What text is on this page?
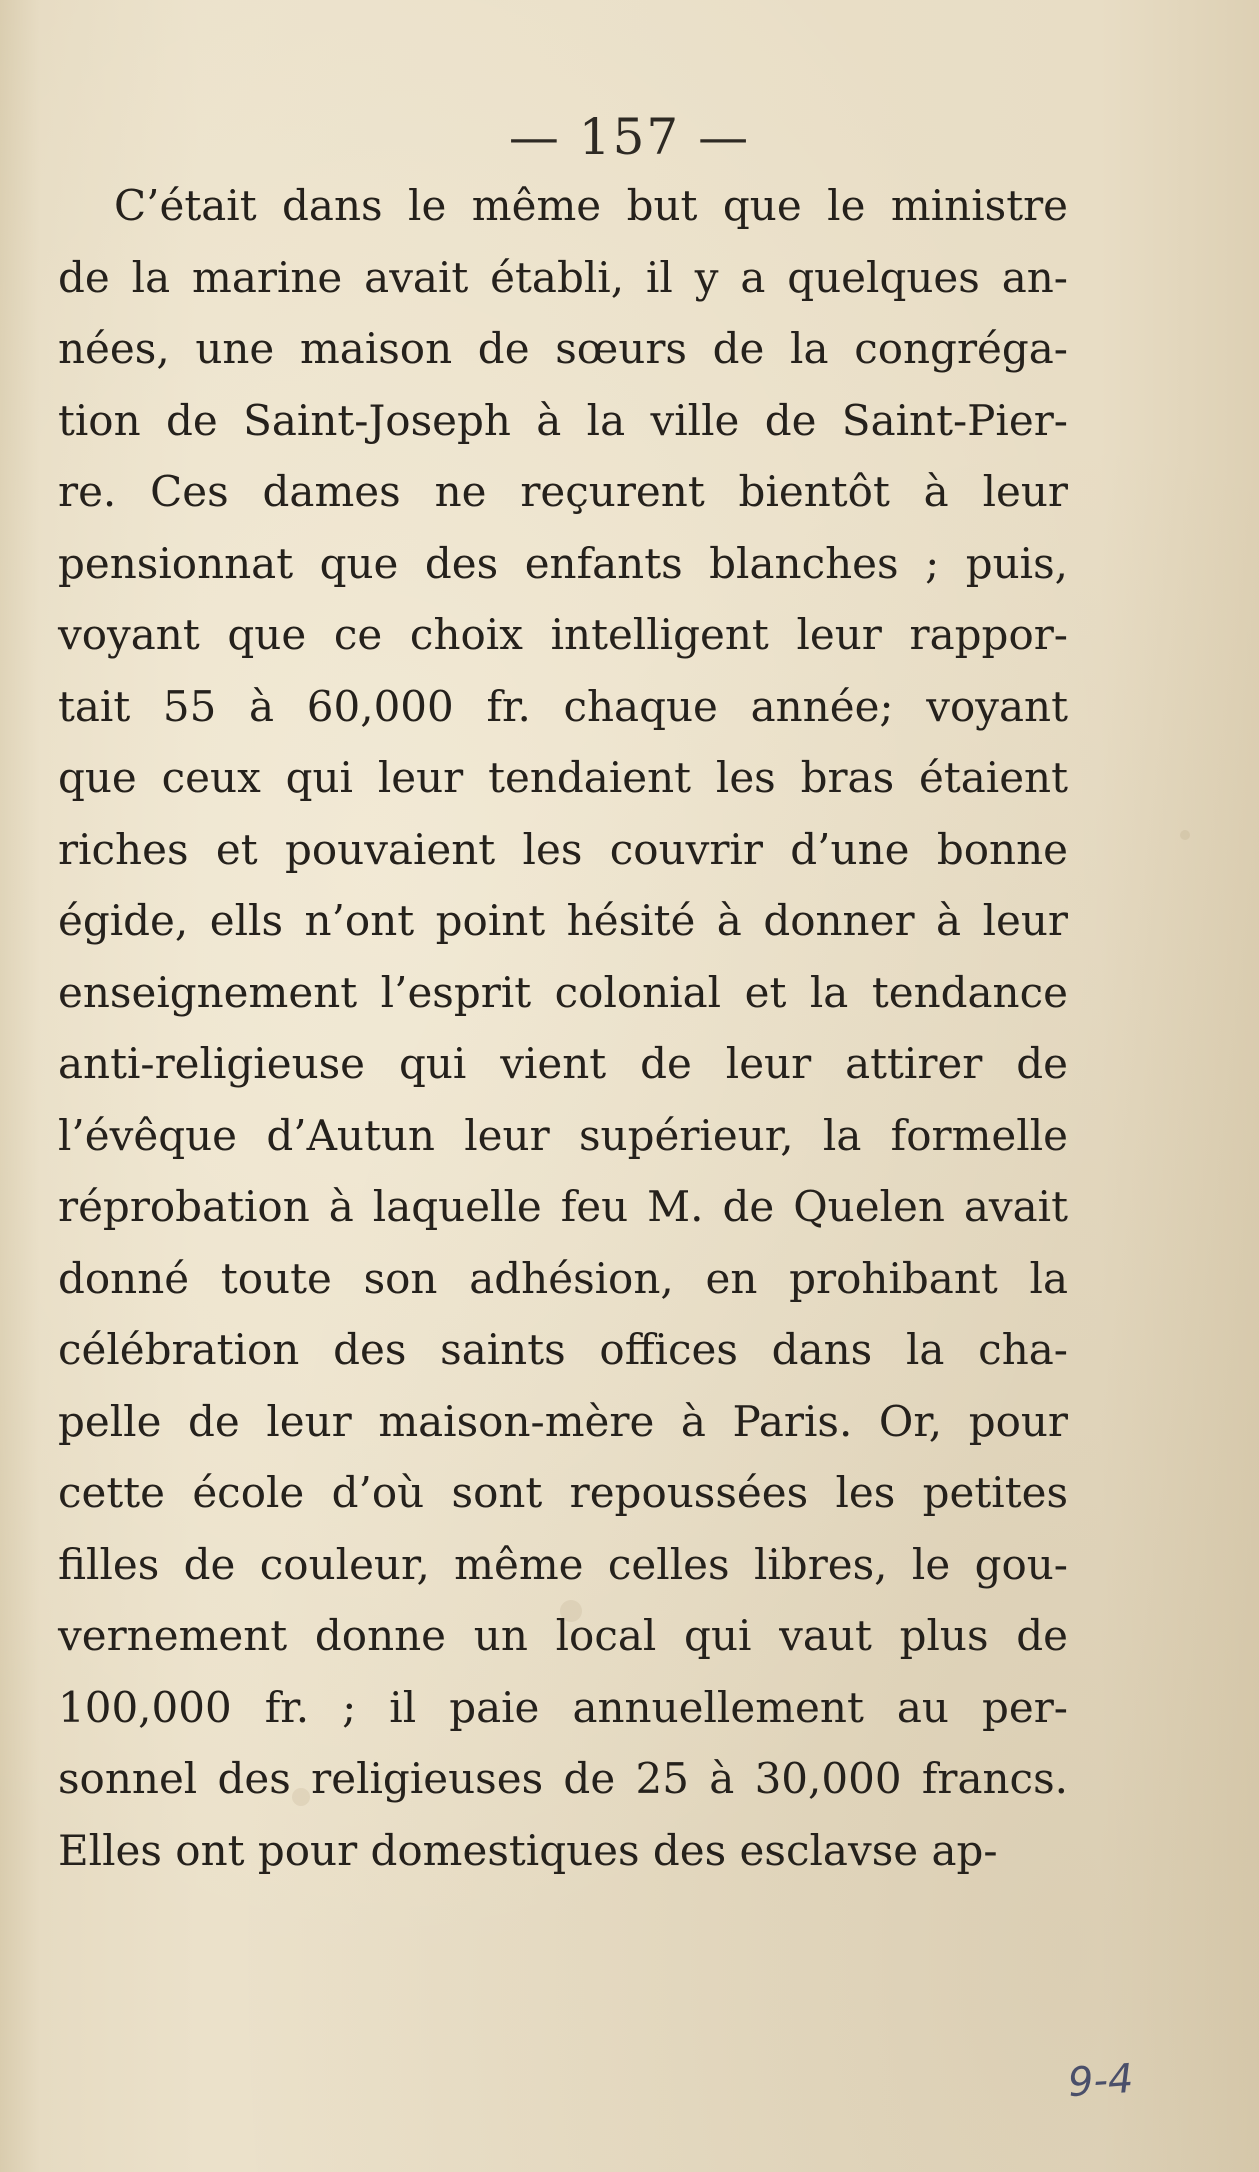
— 157 —
C’était dans le même but que le ministre
de la marine avait établi, il y a quelques an-
nées, une maison de sœurs de la congréga-
tion de Saint-Joseph à la ville de Saint-Pier-
re. Ces dames ne reçurent bientôt à leur
pensionnat que des enfants blanches ; puis,
voyant que ce choix intelligent leur rappor-
tait 55 à 60,000 fr. chaque année; voyant
que ceux qui leur tendaient les bras étaient
riches et pouvaient les couvrir d’une bonne
égide, ells n’ont point hésité à donner à leur
enseignement l’esprit colonial et la tendance
anti-religieuse qui vient de leur attirer de
l’évêque d’Autun leur supérieur, la formelle
réprobation à laquelle feu M. de Quelen avait
donné toute son adhésion, en prohibant la
célébration des saints offices dans la cha-
pelle de leur maison-mère à Paris. Or, pour
cette école d’où sont repoussées les petites
filles de couleur, même celles libres, le gou-
vernement donne un local qui vaut plus de
100,000 fr. ; il paie annuellement au per-
sonnel des religieuses de 25 à 30,000 francs.
Elles ont pour domestiques des esclavse ap-
9-4
